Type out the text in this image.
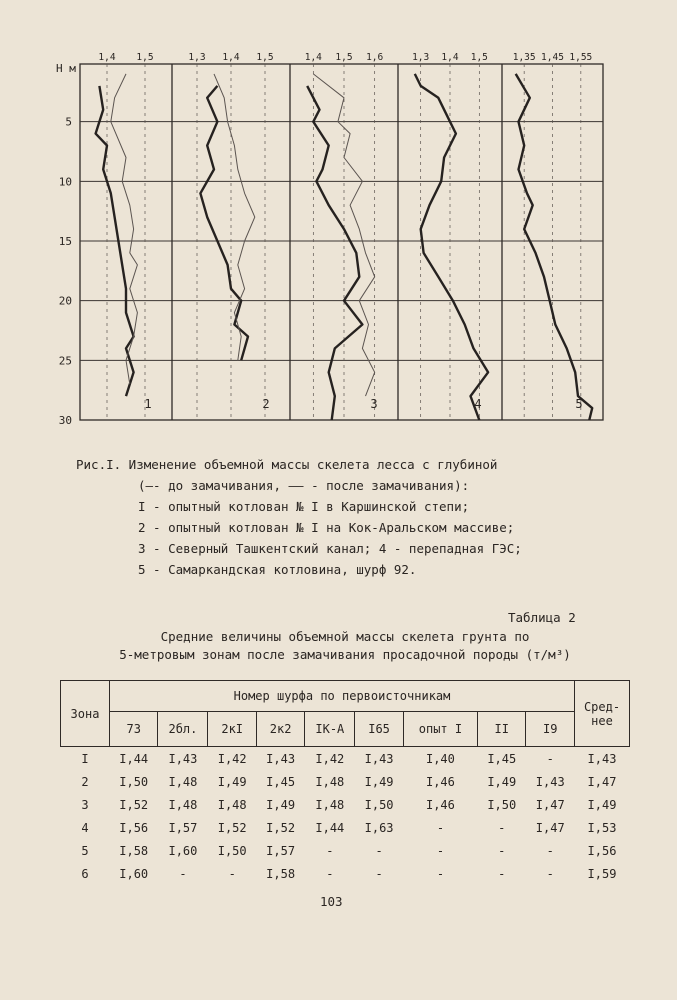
5
10
15
20
25
30
Н м
1,4 1,5
1
1,3 1,4 1,5
2
1,4 1,5 1,6
3
1,3 1,4 1,5
4
1,35 1,45 1,55
5
Рис.I. Изменение объемной массы скелета лесса с глубиной
(—- до замачивания, —— - после замачивания):
I - опытный котлован № I в Каршинской степи;
2 - опытный котлован № I на Кок-Аральском массиве;
3 - Северный Ташкентский канал; 4 - перепадная ГЭС;
5 - Самаркандская котловина, шурф 92.
Таблица 2
Средние величины объемной массы скелета грунта по
5-метровым зонам после замачивания просадочной породы (т/м³)
Зона	Номер шурфа по первоисточникам									Сред-нее
	73	2бл.	2кI	2к2	IК-А	I65	опыт I	II	I9	
I	I,44	I,43	I,42	I,43	I,42	I,43	I,40	I,45	-	I,43
2	I,50	I,48	I,49	I,45	I,48	I,49	I,46	I,49	I,43	I,47
3	I,52	I,48	I,48	I,49	I,48	I,50	I,46	I,50	I,47	I,49
4	I,56	I,57	I,52	I,52	I,44	I,63	-	-	I,47	I,53
5	I,58	I,60	I,50	I,57	-	-	-	-	-	I,56
6	I,60	-	-	I,58	-	-	-	-	-	I,59
103
